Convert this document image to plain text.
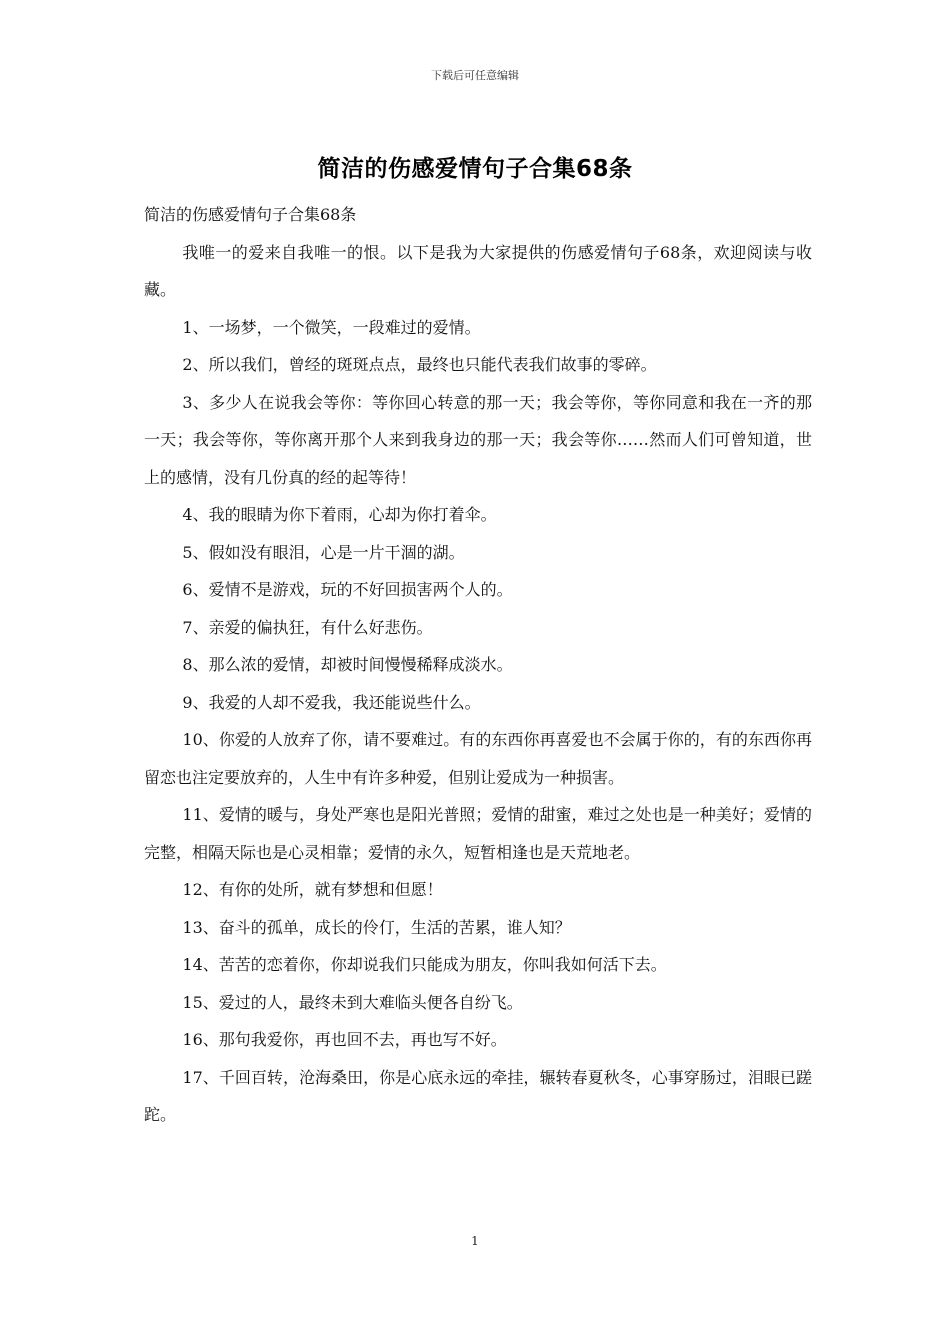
下载后可任意编辑
简洁的伤感爱情句子合集68条

简洁的伤感爱情句子合集68条

我唯一的爱来自我唯一的恨。以下是我为大家提供的伤感爱情句子68条，欢迎阅读与收藏。

1、一场梦，一个微笑，一段难过的爱情。

2、所以我们，曾经的斑斑点点，最终也只能代表我们故事的零碎。

3、多少人在说我会等你：等你回心转意的那一天；我会等你，等你同意和我在一齐的那一天；我会等你，等你离开那个人来到我身边的那一天；我会等你……然而人们可曾知道，世上的感情，没有几份真的经的起等待！

4、我的眼睛为你下着雨，心却为你打着伞。

5、假如没有眼泪，心是一片干涸的湖。

6、爱情不是游戏，玩的不好回损害两个人的。

7、亲爱的偏执狂，有什么好悲伤。

8、那么浓的爱情，却被时间慢慢稀释成淡水。

9、我爱的人却不爱我，我还能说些什么。

10、你爱的人放弃了你，请不要难过。有的东西你再喜爱也不会属于你的，有的东西你再留恋也注定要放弃的，人生中有许多种爱，但别让爱成为一种损害。

11、爱情的暖与，身处严寒也是阳光普照；爱情的甜蜜，难过之处也是一种美好；爱情的完整，相隔天际也是心灵相靠；爱情的永久，短暂相逢也是天荒地老。

12、有你的处所，就有梦想和但愿！

13、奋斗的孤单，成长的伶仃，生活的苦累，谁人知？

14、苦苦的恋着你，你却说我们只能成为朋友，你叫我如何活下去。

15、爱过的人，最终未到大难临头便各自纷飞。

16、那句我爱你，再也回不去，再也写不好。

17、千回百转，沧海桑田，你是心底永远的牵挂，辗转春夏秋冬，心事穿肠过，泪眼已蹉跎。

1
